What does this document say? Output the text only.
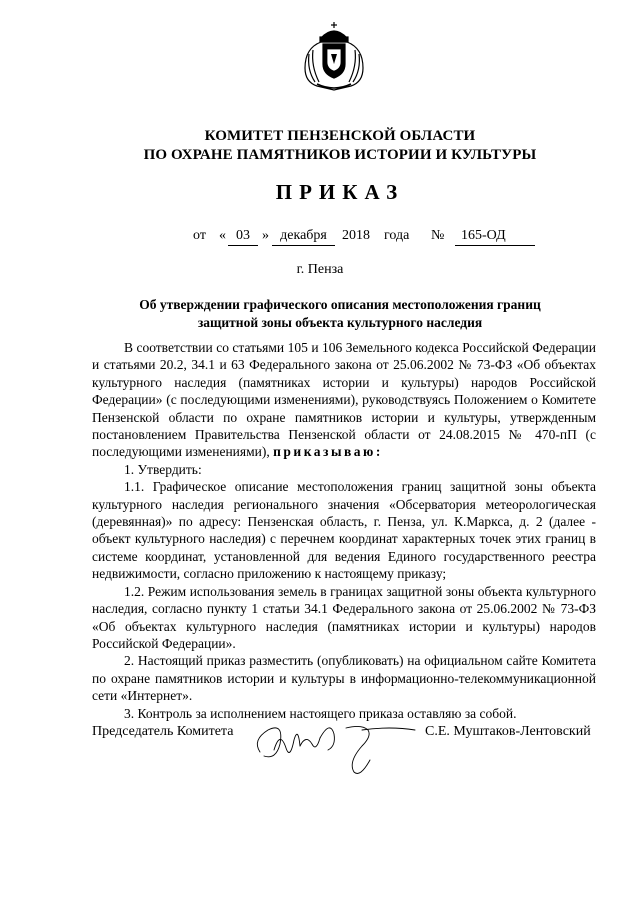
КОМИТЕТ ПЕНЗЕНСКОЙ ОБЛАСТИ
ПО ОХРАНЕ ПАМЯТНИКОВ ИСТОРИИ И КУЛЬТУРЫ
ПРИКАЗ
от « 03 » декабря	2018 года №	165-ОД
г. Пенза
Об утверждении графического описания местоположения границ
защитной зоны объекта культурного наследия

В соответствии со статьями 105 и 106 Земельного кодекса Российской Федерации и статьями 20.2, 34.1 и 63 Федерального закона от 25.06.2002 № 73-ФЗ «Об объектах культурного наследия (памятниках истории и культуры) народов Российской Федерации» (с последующими изменениями), руководствуясь Положением о Комитете Пензенской области по охране памятников истории и культуры, утвержденным постановлением Правительства Пензенской области от 24.08.2015 № 470-пП (с последующими изменениями), приказываю:

1. Утвердить:

1.1. Графическое описание местоположения границ защитной зоны объекта культурного наследия регионального значения «Обсерватория метеорологическая (деревянная)» по адресу: Пензенская область, г. Пенза, ул. К.Маркса, д. 2 (далее - объект культурного наследия) с перечнем координат характерных точек этих границ в системе координат, установленной для ведения Единого государственного реестра недвижимости, согласно приложению к настоящему приказу;

1.2. Режим использования земель в границах защитной зоны объекта культурного наследия, согласно пункту 1 статьи 34.1 Федерального закона от 25.06.2002 № 73-ФЗ «Об объектах культурного наследия (памятниках истории и культуры) народов Российской Федерации».

2. Настоящий приказ разместить (опубликовать) на официальном сайте Комитета по охране памятников истории и культуры в информационно-телекоммуникационной сети «Интернет».

3. Контроль за исполнением настоящего приказа оставляю за собой.

Председатель Комитета	С.Е. Муштаков-Лентовский
